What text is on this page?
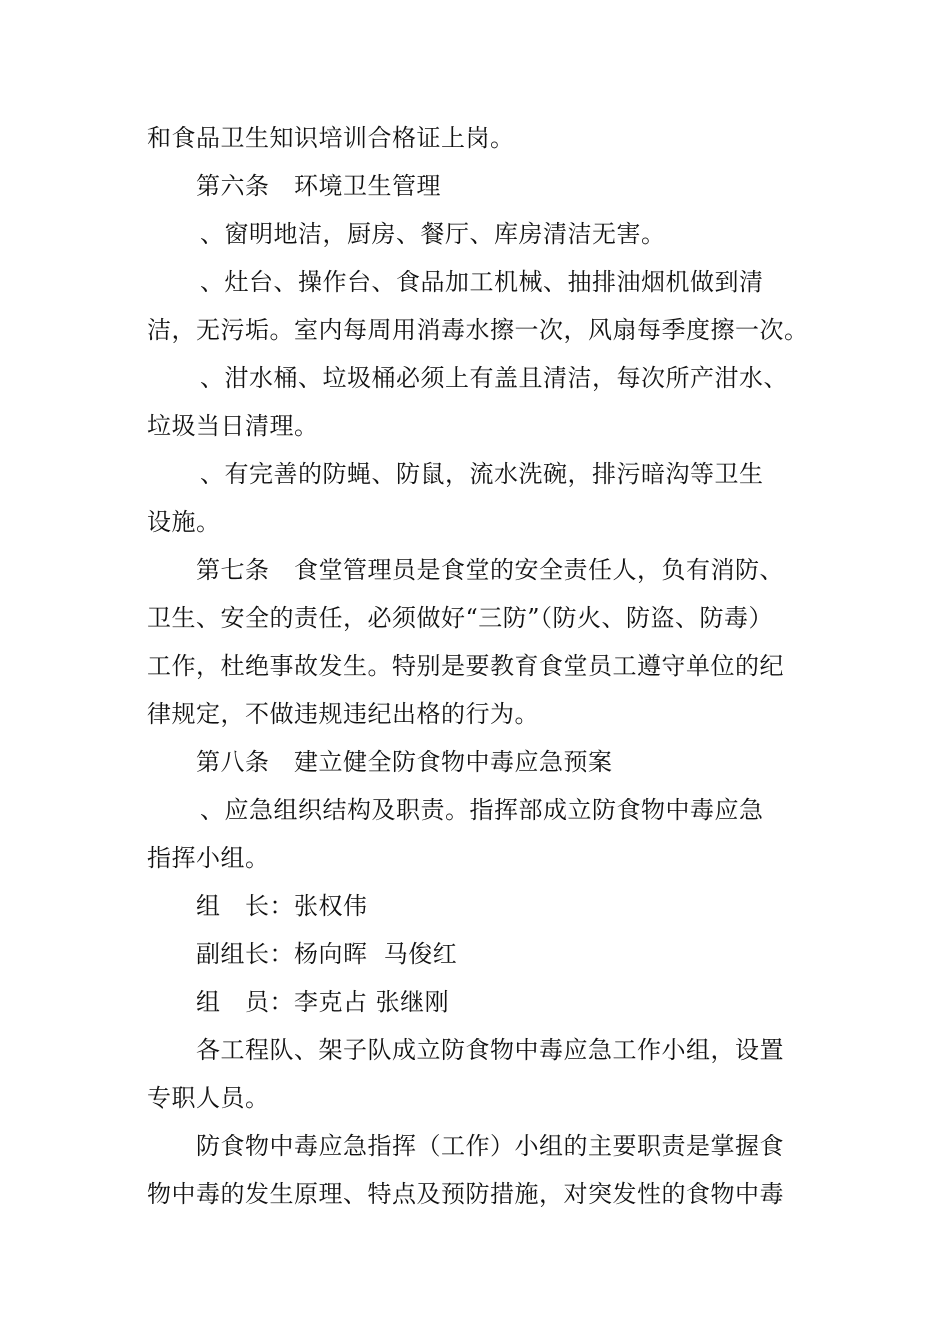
和食品卫生知识培训合格证上岗。
第六条　环境卫生管理
、窗明地洁，厨房、餐厅、库房清洁无害。
、灶台、操作台、食品加工机械、抽排油烟机做到清
洁，无污垢。室内每周用消毒水擦一次，风扇每季度擦一次。
、泔水桶、垃圾桶必须上有盖且清洁，每次所产泔水、
垃圾当日清理。
、有完善的防蝇、防鼠，流水洗碗，排污暗沟等卫生
设施。
第七条　食堂管理员是食堂的安全责任人，负有消防、
卫生、安全的责任，必须做好“三防”（防火、防盗、防毒）
工作，杜绝事故发生。特别是要教育食堂员工遵守单位的纪
律规定，不做违规违纪出格的行为。
第八条　建立健全防食物中毒应急预案
、应急组织结构及职责。指挥部成立防食物中毒应急
指挥小组。
组　长：张权伟
副组长：杨向晖  马俊红
组　员：李克占 张继刚
各工程队、架子队成立防食物中毒应急工作小组，设置
专职人员。
防食物中毒应急指挥（工作）小组的主要职责是掌握食
物中毒的发生原理、特点及预防措施，对突发性的食物中毒
